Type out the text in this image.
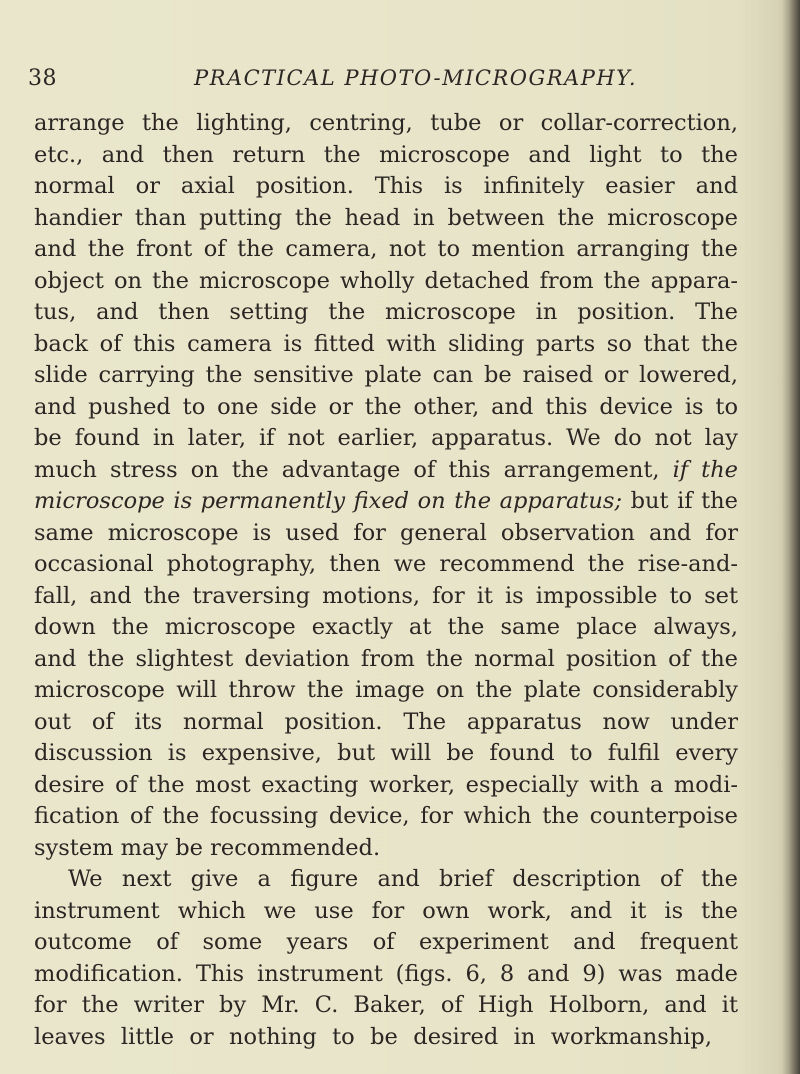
38	PRACTICAL PHOTO-MICROGRAPHY.
arrange the lighting, centring, tube or collar-correction,
etc., and then return the microscope and light to the
normal or axial position. This is infinitely easier and
handier than putting the head in between the microscope
and the front of the camera, not to mention arranging the
object on the microscope wholly detached from the appara-
tus, and then setting the microscope in position. The
back of this camera is fitted with sliding parts so that the
slide carrying the sensitive plate can be raised or lowered,
and pushed to one side or the other, and this device is to
be found in later, if not earlier, apparatus. We do not lay
much stress on the advantage of this arrangement, if the
microscope is permanently fixed on the apparatus; but if the
same microscope is used for general observation and for
occasional photography, then we recommend the rise-and-
fall, and the traversing motions, for it is impossible to set
down the microscope exactly at the same place always,
and the slightest deviation from the normal position of the
microscope will throw the image on the plate considerably
out of its normal position. The apparatus now under
discussion is expensive, but will be found to fulfil every
desire of the most exacting worker, especially with a modi-
fication of the focussing device, for which the counterpoise
system may be recommended.
We next give a figure and brief description of the
instrument which we use for own work, and it is the
outcome of some years of experiment and frequent
modification. This instrument (figs. 6, 8 and 9) was made
for the writer by Mr. C. Baker, of High Holborn, and it
leaves little or nothing to be desired in workmanship,
